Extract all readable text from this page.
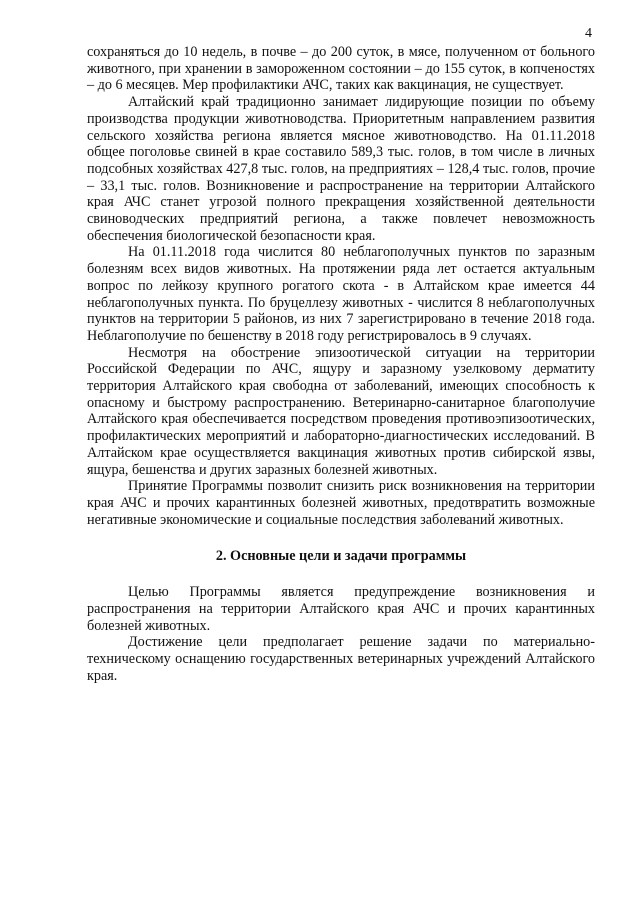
4

сохраняться до 10 недель, в почве – до 200 суток, в мясе, полученном от больного животного, при хранении в замороженном состоянии – до 155 суток, в копченостях – до 6 месяцев. Мер профилактики АЧС, таких как вакцинация, не существует.

Алтайский край традиционно занимает лидирующие позиции по объему производства продукции животноводства. Приоритетным направлением развития сельского хозяйства региона является мясное животноводство. На 01.11.2018 общее поголовье свиней в крае составило 589,3 тыс. голов, в том числе в личных подсобных хозяйствах 427,8 тыс. голов, на предприятиях – 128,4 тыс. голов, прочие – 33,1 тыс. голов. Возникновение и распространение на территории Алтайского края АЧС станет угрозой полного прекращения хозяйственной деятельности свиноводческих предприятий региона, а также повлечет невозможность обеспечения биологической безопасности края.

На 01.11.2018 года числится 80 неблагополучных пунктов по заразным болезням всех видов животных. На протяжении ряда лет остается актуальным вопрос по лейкозу крупного рогатого скота - в Алтайском крае имеется 44 неблагополучных пункта. По бруцеллезу животных - числится 8 неблагополучных пунктов на территории 5 районов, из них 7 зарегистрировано в течение 2018 года. Неблагополучие по бешенству в 2018 году регистрировалось в 9 случаях.

Несмотря на обострение эпизоотической ситуации на территории Российской Федерации по АЧС, ящуру и заразному узелковому дерматиту территория Алтайского края свободна от заболеваний, имеющих способность к опасному и быстрому распространению. Ветеринарно-санитарное благополучие Алтайского края обеспечивается посредством проведения противоэпизоотических, профилактических мероприятий и лабораторно-диагностических исследований. В Алтайском крае осуществляется вакцинация животных против сибирской язвы, ящура, бешенства и других заразных болезней животных.

Принятие Программы позволит снизить риск возникновения на территории края АЧС и прочих карантинных болезней животных, предотвратить возможные негативные экономические и социальные последствия заболеваний животных.

2. Основные цели и задачи программы

Целью Программы является предупреждение возникновения и распространения на территории Алтайского края АЧС и прочих карантинных болезней животных.

Достижение цели предполагает решение задачи по материально-техническому оснащению государственных ветеринарных учреждений Алтайского края.
